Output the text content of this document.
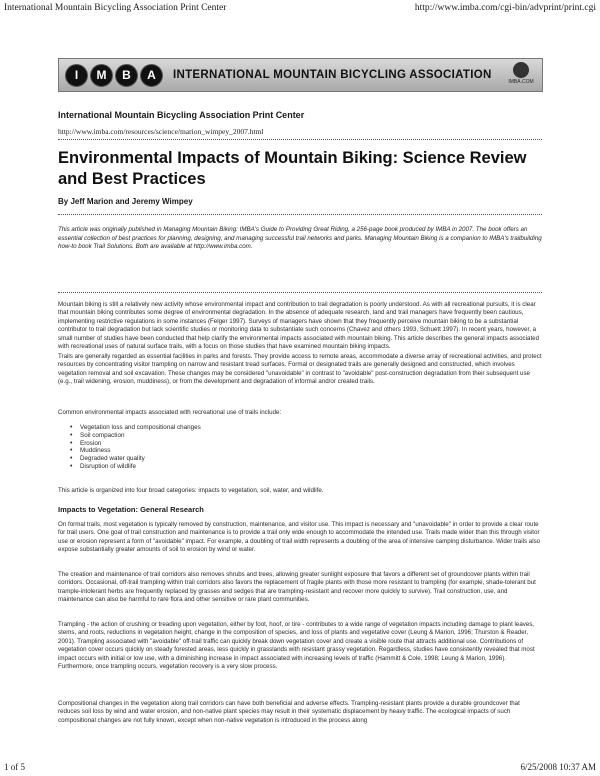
International Mountain Bicycling Association Print Center	http://www.imba.com/cgi-bin/advprint/print.cgi
I	M	B	A	INTERNATIONAL MOUNTAIN BICYCLING ASSOCIATION
IMBA.COM
International Mountain Bicycling Association Print Center
http://www.imba.com/resources/science/marion_wimpey_2007.html
Environmental Impacts of Mountain Biking: Science Review and Best Practices
By Jeff Marion and Jeremy Wimpey

This article was originally published in Managing Mountain Biking: IMBA's Guide to Providing Great Riding, a 256-page book produced by IMBA in 2007. The book offers an essential collection of best practices for planning, designing, and managing successful trail networks and parks. Managing Mountain Biking is a companion to IMBA's trailbuilding how-to book Trail Solutions. Both are available at http://www.imba.com.

Mountain biking is still a relatively new activity whose environmental impact and contribution to trail degradation is poorly understood. As with all recreational pursuits, it is clear that mountain biking contributes some degree of environmental degradation. In the absence of adequate research, land and trail managers have frequently been cautious, implementing restrictive regulations in some instances (Felger 1997). Surveys of managers have shown that they frequently perceive mountain biking to be a substantial contributor to trail degradation but lack scientific studies or monitoring data to substantiate such concerns (Chavez and others 1993, Schuett 1997). In recent years, however, a small number of studies have been conducted that help clarify the environmental impacts associated with mountain biking. This article describes the general impacts associated with recreational uses of natural surface trails, with a focus on those studies that have examined mountain biking impacts.

Trails are generally regarded as essential facilities in parks and forests. They provide access to remote areas, accommodate a diverse array of recreational activities, and protect resources by concentrating visitor trampling on narrow and resistant tread surfaces. Formal or designated trails are generally designed and constructed, which involves vegetation removal and soil excavation. These changes may be considered "unavoidable" in contrast to "avoidable" post-construction degradation from their subsequent use (e.g., trail widening, erosion, muddiness), or from the development and degradation of informal and/or created trails.

Common environmental impacts associated with recreational use of trails include:

• Vegetation loss and compositional changes
• Soil compaction
• Erosion
• Muddiness
• Degraded water quality
• Disruption of wildlife

This article is organized into four broad categories: impacts to vegetation, soil, water, and wildlife.

Impacts to Vegetation: General Research

On formal trails, most vegetation is typically removed by construction, maintenance, and visitor use. This impact is necessary and "unavoidable" in order to provide a clear route for trail users. One goal of trail construction and maintenance is to provide a trail only wide enough to accommodate the intended use. Trails made wider than this through visitor use or erosion represent a form of "avoidable" impact. For example, a doubling of trail width represents a doubling of the area of intensive camping disturbance. Wider trails also expose substantially greater amounts of soil to erosion by wind or water.

The creation and maintenance of trail corridors also removes shrubs and trees, allowing greater sunlight exposure that favors a different set of groundcover plants within trail corridors. Occasional, off-trail trampling within trail corridors also favors the replacement of fragile plants with those more resistant to trampling (for example, shade-tolerant but trample-intolerant herbs are frequently replaced by grasses and sedges that are trampling-resistant and recover more quickly to survive). Trail construction, use, and maintenance can also be harmful to rare flora and other sensitive or rare plant communities.

Trampling - the action of crushing or treading upon vegetation, either by foot, hoof, or tire - contributes to a wide range of vegetation impacts including damage to plant leaves, stems, and roots, reductions in vegetation height, change in the composition of species, and loss of plants and vegetative cover (Leung & Marion, 1996; Thurston & Reader, 2001). Trampling associated with "avoidable" off-trail traffic can quickly break down vegetation cover and create a visible route that attracts additional use. Contributions of vegetation cover occurs quickly on steady forested areas, less quickly in grasslands with resistant grassy vegetation. Regardless, studies have consistently revealed that most impact occurs with initial or low use, with a diminishing increase in impact associated with increasing levels of traffic (Hammitt & Cole, 1998; Leung & Marion, 1996). Furthermore, once trampling occurs, vegetation recovery is a very slow process.

Compositional changes in the vegetation along trail corridors can have both beneficial and adverse effects. Trampling-resistant plants provide a durable groundcover that reduces soil loss by wind and water erosion, and non-native plant species may result in their systematic displacement by heavy traffic. The ecological impacts of such compositional changes are not fully known, except when non-native vegetation is introduced in the process along

1 of 5	6/25/2008 10:37 AM
